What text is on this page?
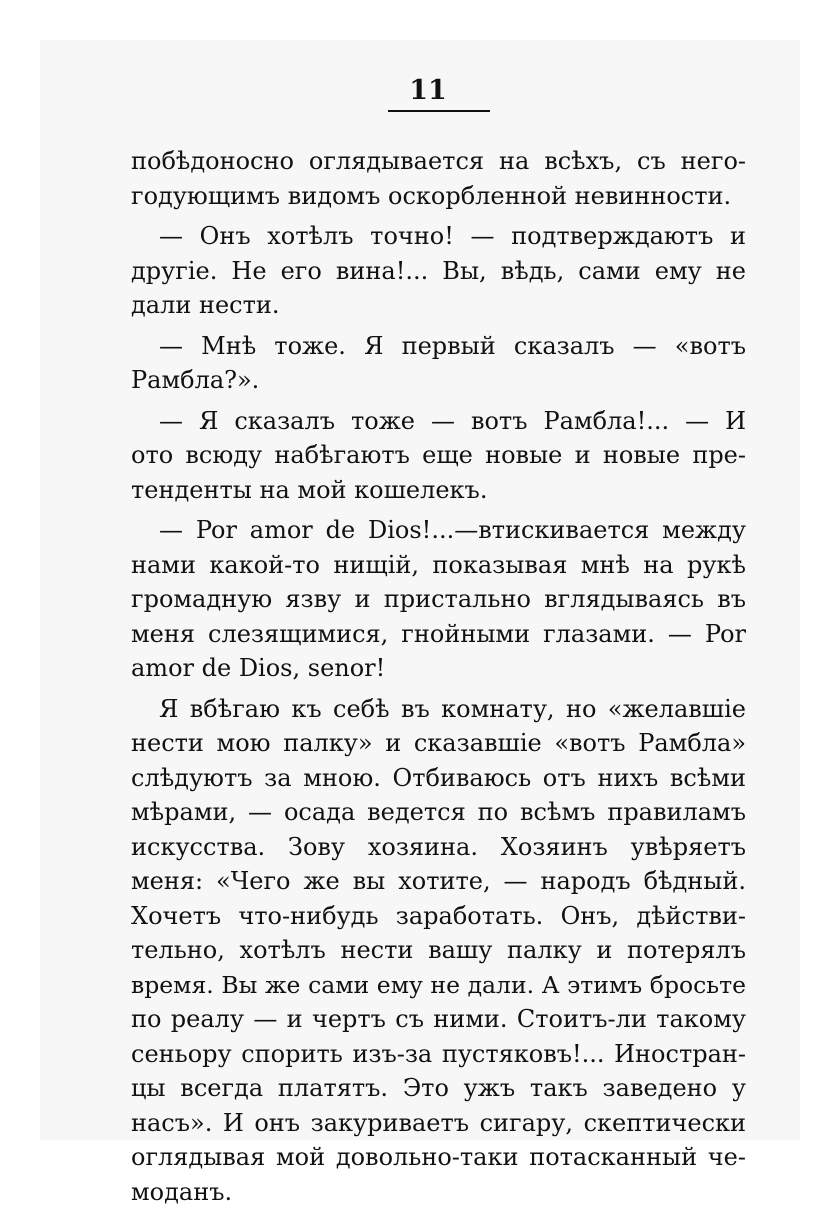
11
побѣдоносно оглядывается на всѣхъ, съ него-
годующимъ видомъ оскорбленной невинности.
— Онъ хотѣлъ точно! — подтверждаютъ и
другіе. Не его вина!... Вы, вѣдь, сами ему не
дали нести.
— Мнѣ тоже. Я первый сказалъ — «вотъ
Рамбла?».
— Я сказалъ тоже — вотъ Рамбла!... — И
ото всюду набѣгаютъ еще новые и новые пре-
тенденты на мой кошелекъ.
— Por amor de Dios!...—втискивается между
нами какой-то нищій, показывая мнѣ на рукѣ
громадную язву и пристально вглядываясь въ
меня слезящимися, гнойными глазами. — Por
amor de Dios, senor!
Я вбѣгаю къ себѣ въ комнату, но «желавшіе
нести мою палку» и сказавшіе «вотъ Рамбла»
слѣдуютъ за мною. Отбиваюсь отъ нихъ всѣми
мѣрами, — осада ведется по всѣмъ правиламъ
искусства. Зову хозяина. Хозяинъ увѣряетъ
меня: «Чего же вы хотите, — народъ бѣдный.
Хочетъ что-нибудь заработать. Онъ, дѣйстви-
тельно, хотѣлъ нести вашу палку и потерялъ
время. Вы же сами ему не дали. А этимъ бросьте
по реалу — и чертъ съ ними. Стоитъ-ли такому
сеньору спорить изъ-за пустяковъ!... Иностран-
цы всегда платятъ. Это ужъ такъ заведено у
насъ». И онъ закуриваетъ сигару, скептически
оглядывая мой довольно-таки потасканный че-
моданъ.
